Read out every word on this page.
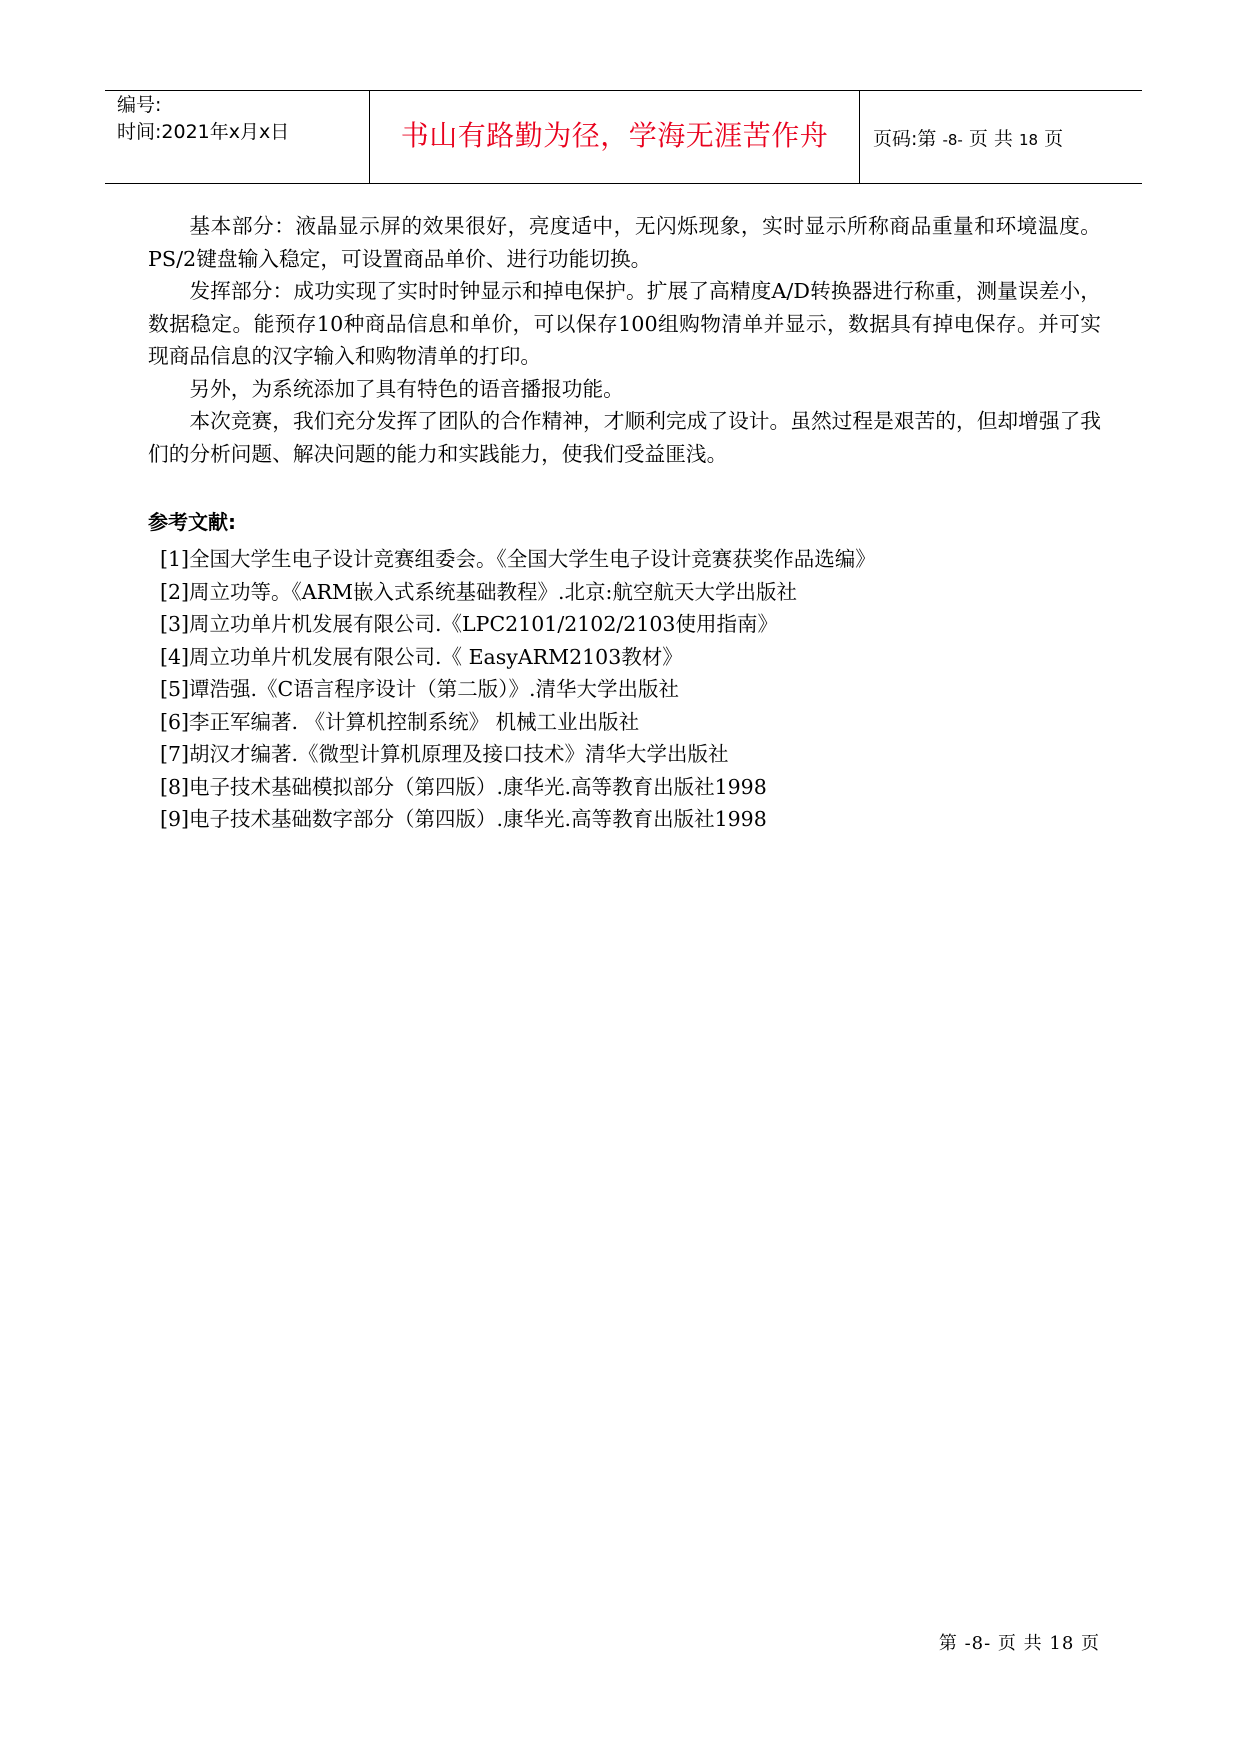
编号:
时间:2021年x月x日	书山有路勤为径，学海无涯苦作舟	页码:第 -8- 页 共 18 页

基本部分：液晶显示屏的效果很好，亮度适中，无闪烁现象，实时显示所称商品重量和环境温度。PS/2键盘输入稳定，可设置商品单价、进行功能切换。

发挥部分：成功实现了实时时钟显示和掉电保护。扩展了高精度A/D转换器进行称重，测量误差小，数据稳定。能预存10种商品信息和单价，可以保存100组购物清单并显示，数据具有掉电保存。并可实现商品信息的汉字输入和购物清单的打印。

另外，为系统添加了具有特色的语音播报功能。

本次竞赛，我们充分发挥了团队的合作精神，才顺利完成了设计。虽然过程是艰苦的，但却增强了我们的分析问题、解决问题的能力和实践能力，使我们受益匪浅。

参考文献:
[1]全国大学生电子设计竞赛组委会。《全国大学生电子设计竞赛获奖作品选编》
[2]周立功等。《ARM嵌入式系统基础教程》.北京:航空航天大学出版社
[3]周立功单片机发展有限公司.《LPC2101/2102/2103使用指南》
[4]周立功单片机发展有限公司.《 EasyARM2103教材》
[5]谭浩强.《C语言程序设计（第二版）》.清华大学出版社
[6]李正军编著. 《计算机控制系统》 机械工业出版社
[7]胡汉才编著.《微型计算机原理及接口技术》清华大学出版社
[8]电子技术基础模拟部分（第四版）.康华光.高等教育出版社1998
[9]电子技术基础数字部分（第四版）.康华光.高等教育出版社1998
第 -8- 页 共 18 页
